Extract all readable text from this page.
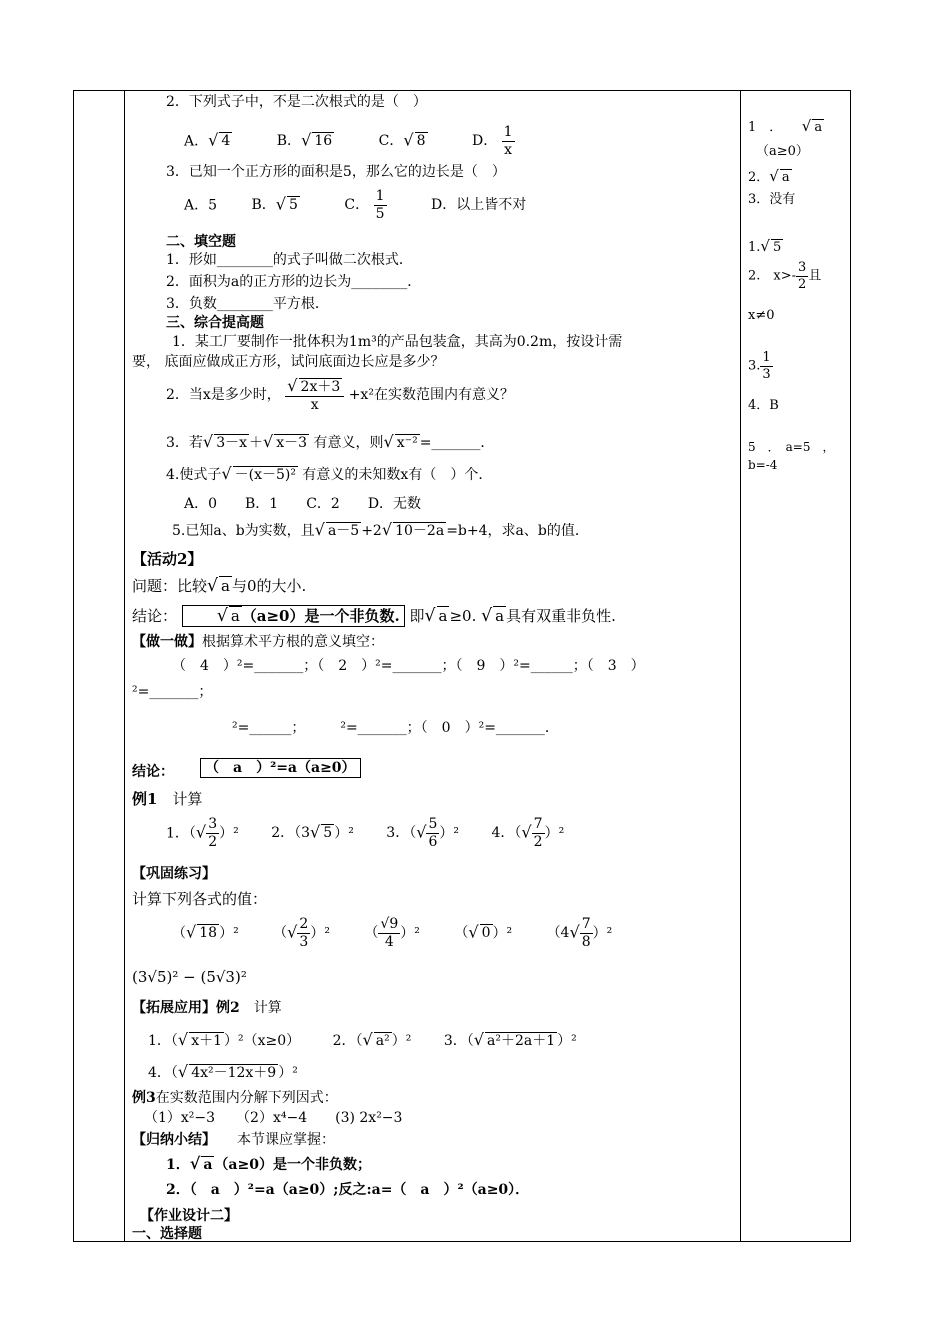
2．下列式子中，不是二次根式的是（　）
A．√ 4	B．√ 16	C．√ 8	D． $\frac{1}{x}$
3．已知一个正方形的面积是5，那么它的边长是（　）
A．5 B．√ 5	C． $\frac{1}{5}$	D．以上皆不对
二、填空题
1．形如________的式子叫做二次根式．
2．面积为a的正方形的边长为________．
3．负数________平方根．
三、综合提高题
1．某工厂要制作一批体积为1m³的产品包装盒，其高为0.2m，按设计需
要， 底面应做成正方形，试问底面边长应是多少？
2．当x是多少时， $\frac{√ 2x+3}{x} +x^2$在实数范围内有意义？
3．若√ 3－x ＋√ x－3 有意义，则√ x⁻² =_______．
4.使式子√ －(x－5)² 有意义的未知数x有（　）个．
A．0　　B．1　　C．2　　D．无数
5.已知a、b为实数，且√ a－5 +2√ 10－2a =b+4，求a、b的值．
【活动2】
问题：比较√ a 与0的大小.
结论： 　　 √ a （a≥0）是一个非负数. 即√ a ≥0. √ a 具有双重非负性.
【做一做】根据算术平方根的意义填空：
（　4　）²=_______；（　2　）²=_______；（　9　）²=______；（　3　）
²=_______；
²=______；　　　²=_______；（　0　）²=_______．
结论：	（　a　）²=a（a≥0）
例1　 计算
1．（√ $\frac{3}{2} )^2$ 2．（3√ 5 ）² 3．（√ $\frac{5}{6} )^2$ 4．（√ $\frac{7}{2} )^2$
【巩固练习】
计算下列各式的值：
（√ 18 ）² （√ $\frac{2}{3} )^2$ （ $\frac{√9}{4} )^2$ （√ 0 ）² $(4√ \frac{7}{8} )^2$
(3√5)² − (5√3)²
【拓展应用】例2　 计算
1．（√ x＋1 ）²（x≥0） 2．（√ a² ）² 3．（√ a²＋2a＋1 ）²
4．（√ 4x²－12x＋9 ）²
例3在实数范围内分解下列因式：
（1）x²−3　　（2）x⁴−4　　(3) 2x²−3
【归纳小结】　　 本节课应掌握：
1．√ a （a≥0）是一个非负数；
2．（　a　）²=a（a≥0）;反之:a=（　a　）²（a≥0）．
【作业设计二】
一、选择题
1　．　　 √ a
（a≥0）
2．√ a
3．没有
1.√ 5
2.　$x>- \frac{3}{2}$ 且
x≠0
3. $\frac{1}{3}$
4．B
5　．　a=5　，
b=-4
